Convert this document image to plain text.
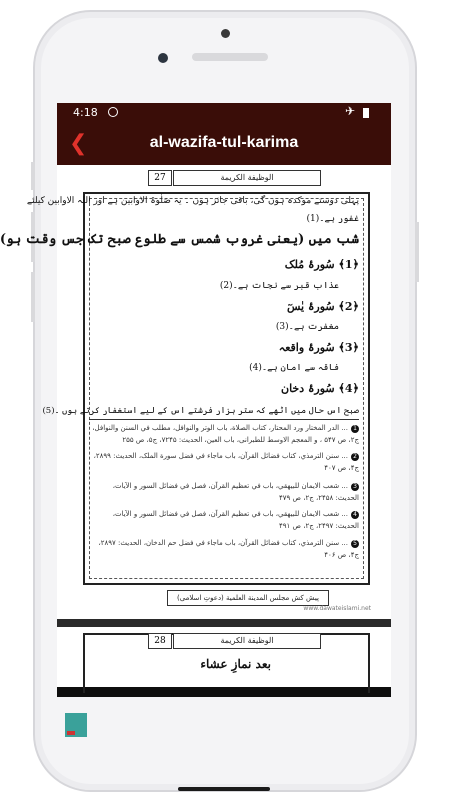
4:18	✈
❮	al-wazifa-tul-karima
27	الوظيفة الكريمة
پہلی دوستے موکدہ ہوں گی، باقی جائز ہوں ۔ یہ صَلٰوۃ الاوابین ہے اور اللہ الاوابین کیلئے
غفور ہے۔(1)
شب میں (یعنی غروب شمس سے طلوع صبح تک جس وقت ہو)
﴿1﴾ سُورۂ مُلک
عذاب قبر سے نجات ہے۔(2)
﴿2﴾ سُورۂ یٰسٓ
مغفرت ہے۔(3)
﴿3﴾ سُورۂ واقعہ
فاقہ سے امان ہے۔(4)
﴿4﴾ سُورۂ دخان
صبح اس حال میں اٹھے کہ ستر ہزار فرشتے اس کے لیے استغفار کرتے ہوں ۔(5)
1... الدر المختار ورد المحتار، کتاب الصلاة، باب الوتر والنوافل، مطلب في السنن والنوافل،
ج۲، ص ۵۴۷ ، و المعجم الاوسط للطبرانی، باب العین، الحدیث: ۷۲۴۵، ج۵، ص ۲۵۵
2... سنن الترمذي، کتاب فضائل القرآن، باب ماجاء في فضل سورة الملک، الحدیث: ۲۸۹۹،
ج۴، ص ۴۰۷
3... شعب الایمان للبیهقي، باب في تعظیم القرآن، فصل في فضائل السور و الآیات،
الحدیث: ۲۴۵۸، ج۲، ص ۴۷۹
4... شعب الایمان للبیهقي، باب في تعظیم القرآن، فصل في فضائل السور و الآیات،
الحدیث: ۲۴۹۷، ج۲، ص ۴۹۱
5... سنن الترمذي، کتاب فضائل القرآن، باب ماجاء في فضل حم الدخان، الحدیث: ۲۸۹۷،
ج۴، ص ۴۰۶
پیش کش مجلس المدینة العلمیة (دعوتِ اسلامی)
www.dawateislami.net
28	الوظيفة الكريمة
بعد نمازِ عشاء
